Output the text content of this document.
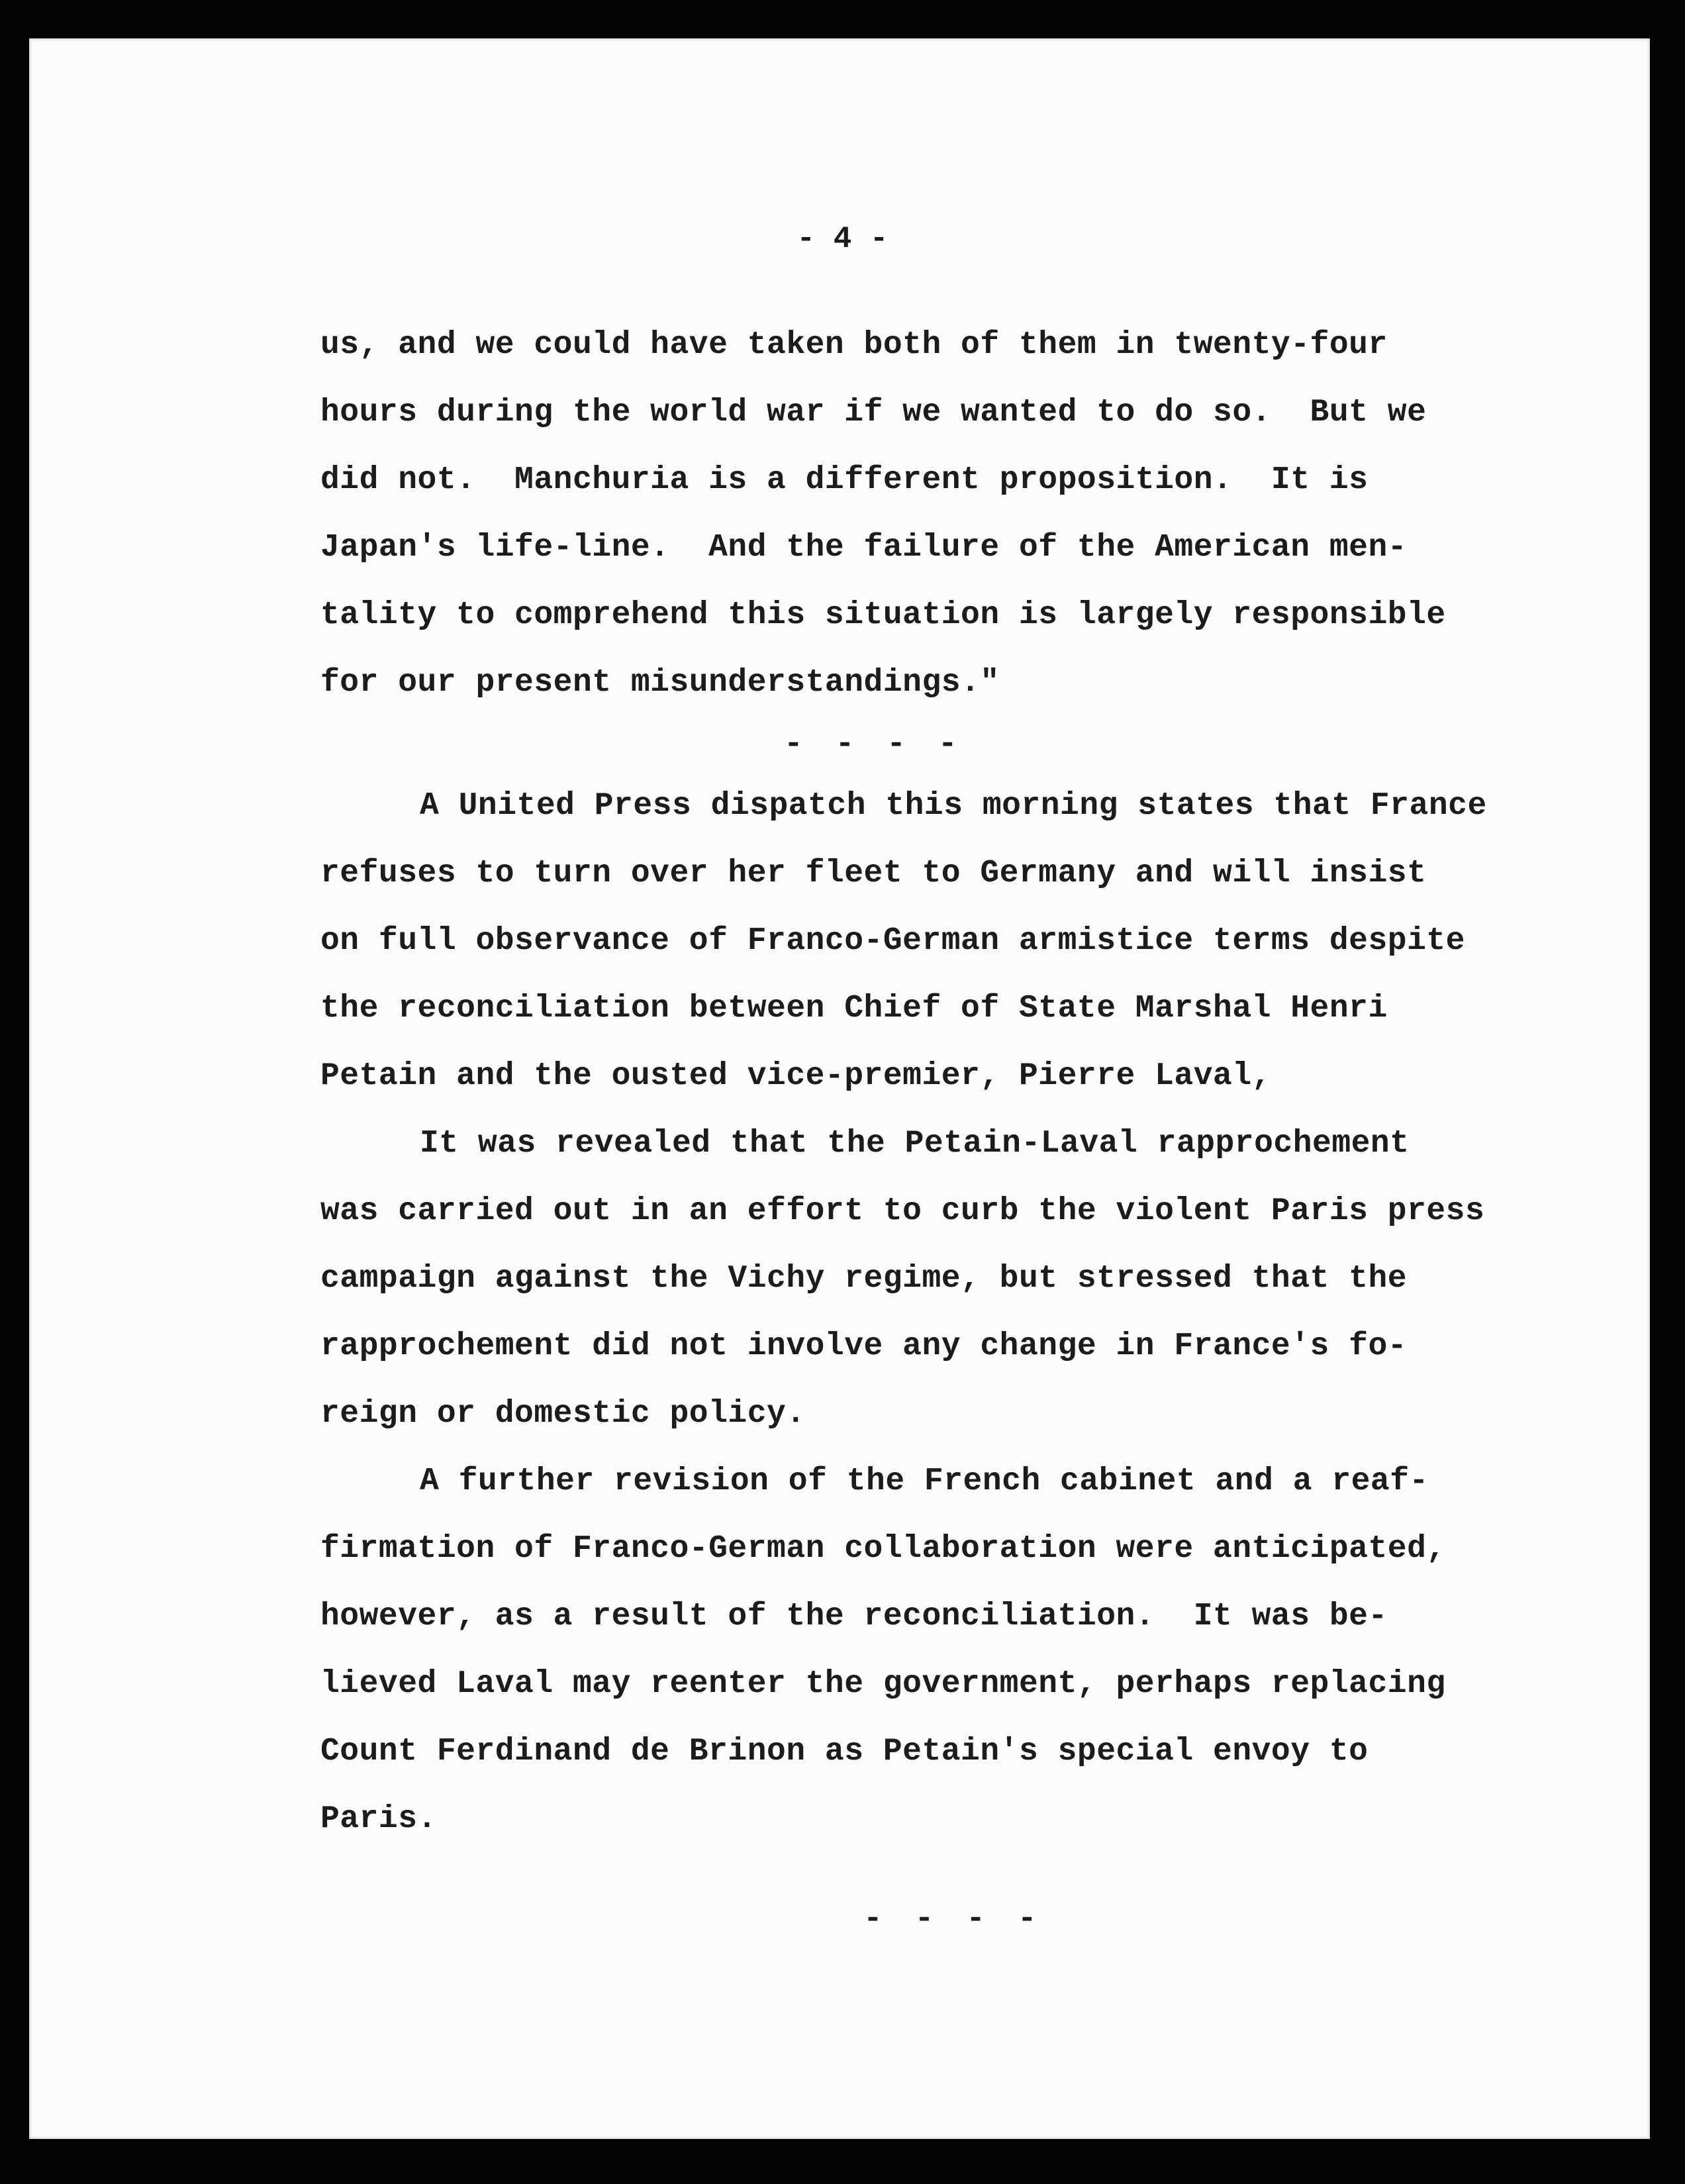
- 4 -

us, and we could have taken both of them in twenty-four
hours during the world war if we wanted to do so.  But we
did not.  Manchuria is a different proposition.  It is
Japan's life-line.  And the failure of the American men-
tality to comprehend this situation is largely responsible
for our present misunderstandings."
- - - -
A United Press dispatch this morning states that France
refuses to turn over her fleet to Germany and will insist
on full observance of Franco-German armistice terms despite
the reconciliation between Chief of State Marshal Henri
Petain and the ousted vice-premier, Pierre Laval,
It was revealed that the Petain-Laval rapprochement
was carried out in an effort to curb the violent Paris press
campaign against the Vichy regime, but stressed that the
rapprochement did not involve any change in France's fo-
reign or domestic policy.
A further revision of the French cabinet and a reaf-
firmation of Franco-German collaboration were anticipated,
however, as a result of the reconciliation.  It was be-
lieved Laval may reenter the government, perhaps replacing
Count Ferdinand de Brinon as Petain's special envoy to
Paris.
- - - -
